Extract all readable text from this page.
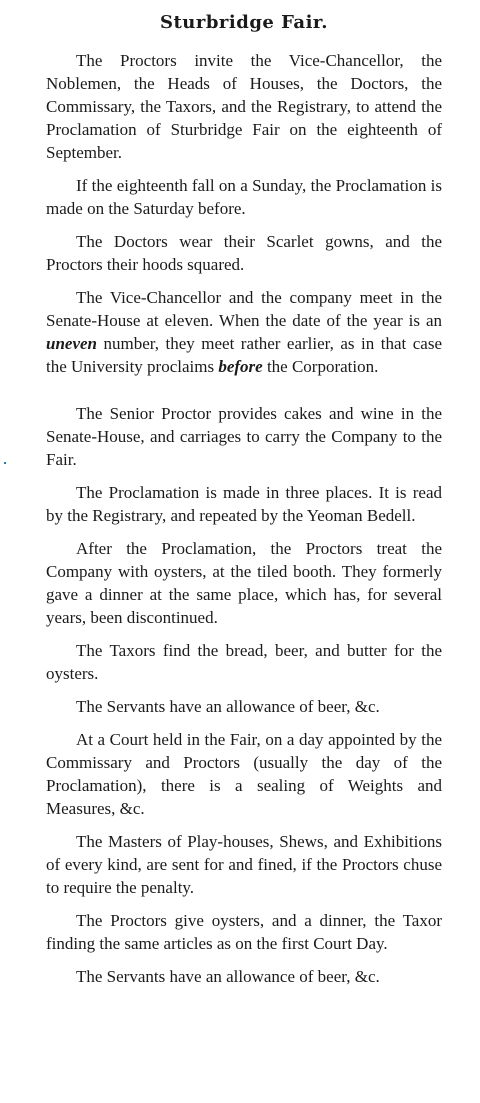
Sturbridge Fair.

The Proctors invite the Vice-Chancellor, the Noblemen, the Heads of Houses, the Doctors, the Commissary, the Taxors, and the Registrary, to attend the Proclamation of Sturbridge Fair on the eighteenth of September.

If the eighteenth fall on a Sunday, the Proclamation is made on the Saturday before.

The Doctors wear their Scarlet gowns, and the Proctors their hoods squared.

The Vice-Chancellor and the company meet in the Senate-House at eleven. When the date of the year is an uneven number, they meet rather earlier, as in that case the University proclaims before the Corporation.

The Senior Proctor provides cakes and wine in the Senate-House, and carriages to carry the Company to the Fair.

The Proclamation is made in three places. It is read by the Registrary, and repeated by the Yeoman Bedell.

After the Proclamation, the Proctors treat the Company with oysters, at the tiled booth. They formerly gave a dinner at the same place, which has, for several years, been discontinued.

The Taxors find the bread, beer, and butter for the oysters.

The Servants have an allowance of beer, &c.

At a Court held in the Fair, on a day appointed by the Commissary and Proctors (usually the day of the Proclamation), there is a sealing of Weights and Measures, &c.

The Masters of Play-houses, Shews, and Exhibitions of every kind, are sent for and fined, if the Proctors chuse to require the penalty.

The Proctors give oysters, and a dinner, the Taxor finding the same articles as on the first Court Day.

The Servants have an allowance of beer, &c.
